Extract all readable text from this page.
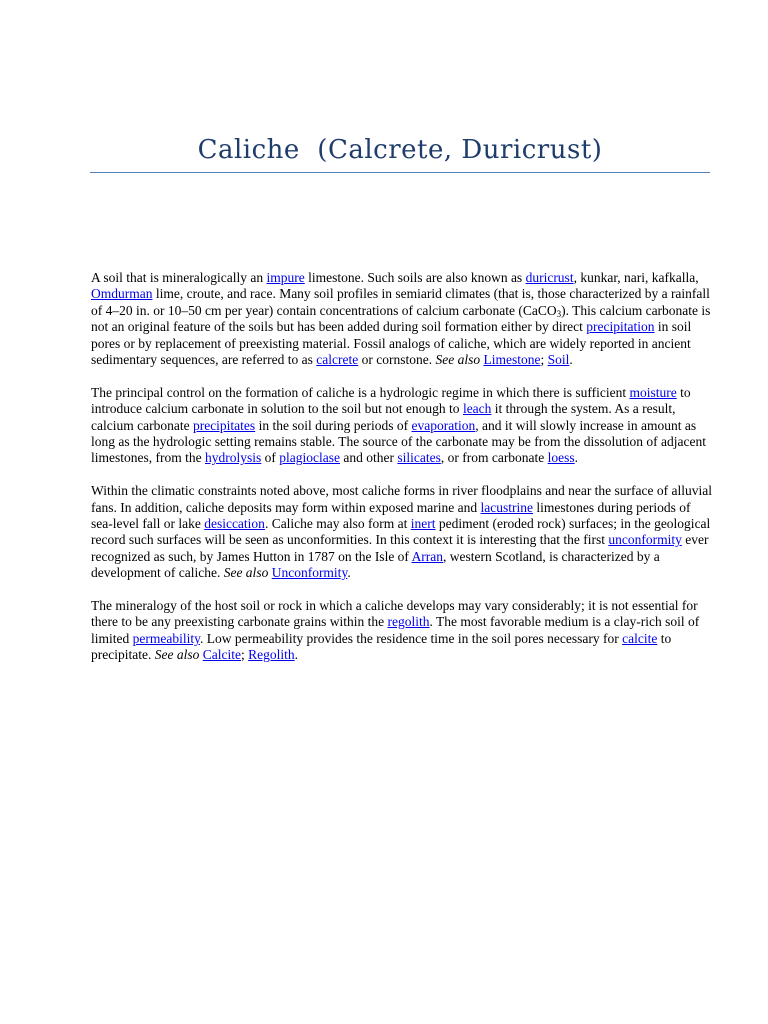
Caliche  (Calcrete, Duricrust)

A soil that is mineralogically an impure limestone. Such soils are also known as duricrust, kunkar, nari, kafkalla, Omdurman lime, croute, and race. Many soil profiles in semiarid climates (that is, those characterized by a rainfall of 4–20 in. or 10–50 cm per year) contain concentrations of calcium carbonate (CaCO$_3$). This calcium carbonate is not an original feature of the soils but has been added during soil formation either by direct precipitation in soil pores or by replacement of preexisting material. Fossil analogs of caliche, which are widely reported in ancient sedimentary sequences, are referred to as calcrete or cornstone. See also Limestone; Soil.

The principal control on the formation of caliche is a hydrologic regime in which there is sufficient moisture to introduce calcium carbonate in solution to the soil but not enough to leach it through the system. As a result, calcium carbonate precipitates in the soil during periods of evaporation, and it will slowly increase in amount as long as the hydrologic setting remains stable. The source of the carbonate may be from the dissolution of adjacent limestones, from the hydrolysis of plagioclase and other silicates, or from carbonate loess.

Within the climatic constraints noted above, most caliche forms in river floodplains and near the surface of alluvial fans. In addition, caliche deposits may form within exposed marine and lacustrine limestones during periods of sea-level fall or lake desiccation. Caliche may also form at inert pediment (eroded rock) surfaces; in the geological record such surfaces will be seen as unconformities. In this context it is interesting that the first unconformity ever recognized as such, by James Hutton in 1787 on the Isle of Arran, western Scotland, is characterized by a development of caliche. See also Unconformity.

The mineralogy of the host soil or rock in which a caliche develops may vary considerably; it is not essential for there to be any preexisting carbonate grains within the regolith. The most favorable medium is a clay-rich soil of limited permeability. Low permeability provides the residence time in the soil pores necessary for calcite to precipitate. See also Calcite; Regolith.
